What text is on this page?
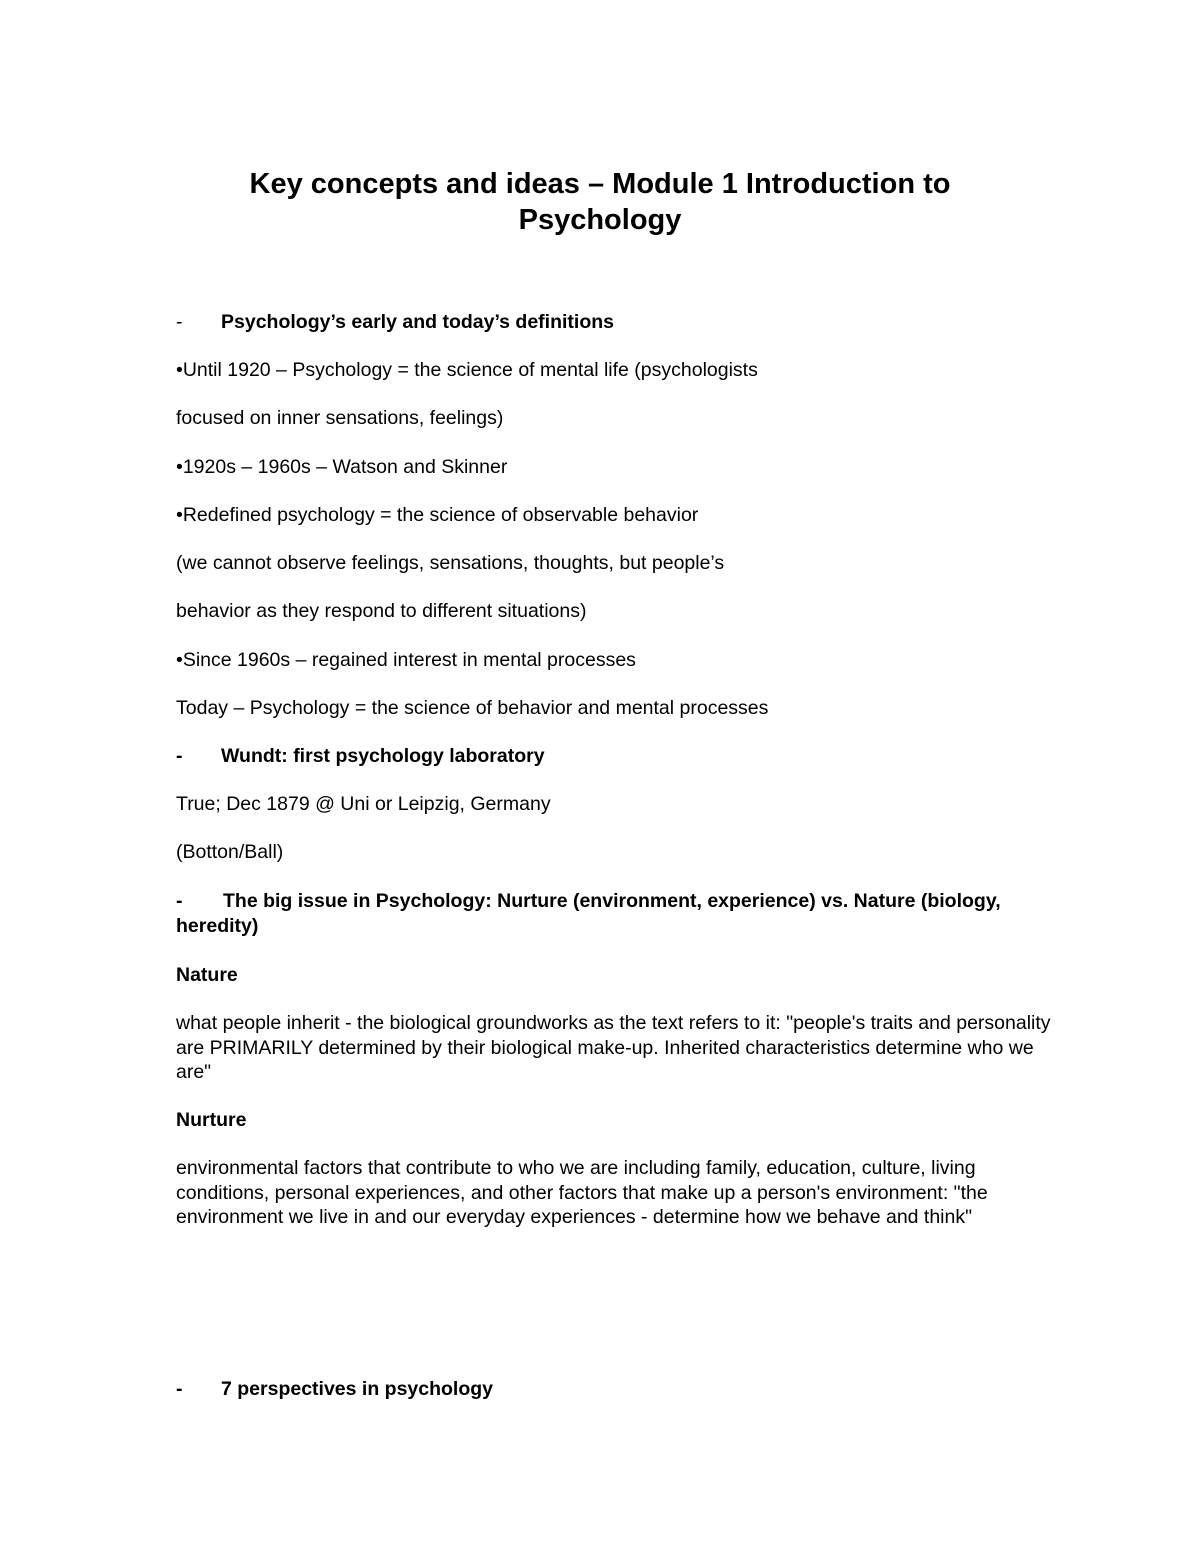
Key concepts and ideas – Module 1 Introduction to Psychology
- Psychology’s early and today’s definitions
•Until 1920 – Psychology = the science of mental life (psychologists
focused on inner sensations, feelings)
•1920s – 1960s – Watson and Skinner
•Redefined psychology = the science of observable behavior
(we cannot observe feelings, sensations, thoughts, but people’s
behavior as they respond to different situations)
•Since 1960s – regained interest in mental processes
Today – Psychology = the science of behavior and mental processes
- Wundt: first psychology laboratory
True; Dec 1879 @ Uni or Leipzig, Germany
(Botton/Ball)
- The big issue in Psychology: Nurture (environment, experience) vs. Nature (biology, heredity)
Nature
what people inherit - the biological groundworks as the text refers to it: "people's traits and personality are PRIMARILY determined by their biological make-up. Inherited characteristics determine who we are"
Nurture
environmental factors that contribute to who we are including family, education, culture, living conditions, personal experiences, and other factors that make up a person's environment: "the environment we live in and our everyday experiences - determine how we behave and think"
- 7 perspectives in psychology
